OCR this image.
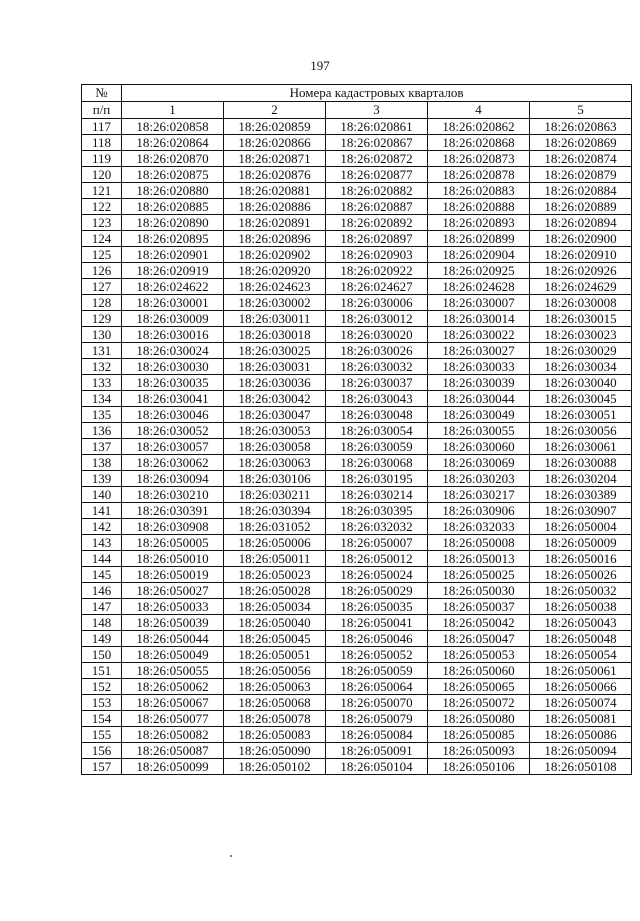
197
№	Номера кадастровых кварталов				
п/п	1	2	3	4	5
117	18:26:020858	18:26:020859	18:26:020861	18:26:020862	18:26:020863
118	18:26:020864	18:26:020866	18:26:020867	18:26:020868	18:26:020869
119	18:26:020870	18:26:020871	18:26:020872	18:26:020873	18:26:020874
120	18:26:020875	18:26:020876	18:26:020877	18:26:020878	18:26:020879
121	18:26:020880	18:26:020881	18:26:020882	18:26:020883	18:26:020884
122	18:26:020885	18:26:020886	18:26:020887	18:26:020888	18:26:020889
123	18:26:020890	18:26:020891	18:26:020892	18:26:020893	18:26:020894
124	18:26:020895	18:26:020896	18:26:020897	18:26:020899	18:26:020900
125	18:26:020901	18:26:020902	18:26:020903	18:26:020904	18:26:020910
126	18:26:020919	18:26:020920	18:26:020922	18:26:020925	18:26:020926
127	18:26:024622	18:26:024623	18:26:024627	18:26:024628	18:26:024629
128	18:26:030001	18:26:030002	18:26:030006	18:26:030007	18:26:030008
129	18:26:030009	18:26:030011	18:26:030012	18:26:030014	18:26:030015
130	18:26:030016	18:26:030018	18:26:030020	18:26:030022	18:26:030023
131	18:26:030024	18:26:030025	18:26:030026	18:26:030027	18:26:030029
132	18:26:030030	18:26:030031	18:26:030032	18:26:030033	18:26:030034
133	18:26:030035	18:26:030036	18:26:030037	18:26:030039	18:26:030040
134	18:26:030041	18:26:030042	18:26:030043	18:26:030044	18:26:030045
135	18:26:030046	18:26:030047	18:26:030048	18:26:030049	18:26:030051
136	18:26:030052	18:26:030053	18:26:030054	18:26:030055	18:26:030056
137	18:26:030057	18:26:030058	18:26:030059	18:26:030060	18:26:030061
138	18:26:030062	18:26:030063	18:26:030068	18:26:030069	18:26:030088
139	18:26:030094	18:26:030106	18:26:030195	18:26:030203	18:26:030204
140	18:26:030210	18:26:030211	18:26:030214	18:26:030217	18:26:030389
141	18:26:030391	18:26:030394	18:26:030395	18:26:030906	18:26:030907
142	18:26:030908	18:26:031052	18:26:032032	18:26:032033	18:26:050004
143	18:26:050005	18:26:050006	18:26:050007	18:26:050008	18:26:050009
144	18:26:050010	18:26:050011	18:26:050012	18:26:050013	18:26:050016
145	18:26:050019	18:26:050023	18:26:050024	18:26:050025	18:26:050026
146	18:26:050027	18:26:050028	18:26:050029	18:26:050030	18:26:050032
147	18:26:050033	18:26:050034	18:26:050035	18:26:050037	18:26:050038
148	18:26:050039	18:26:050040	18:26:050041	18:26:050042	18:26:050043
149	18:26:050044	18:26:050045	18:26:050046	18:26:050047	18:26:050048
150	18:26:050049	18:26:050051	18:26:050052	18:26:050053	18:26:050054
151	18:26:050055	18:26:050056	18:26:050059	18:26:050060	18:26:050061
152	18:26:050062	18:26:050063	18:26:050064	18:26:050065	18:26:050066
153	18:26:050067	18:26:050068	18:26:050070	18:26:050072	18:26:050074
154	18:26:050077	18:26:050078	18:26:050079	18:26:050080	18:26:050081
155	18:26:050082	18:26:050083	18:26:050084	18:26:050085	18:26:050086
156	18:26:050087	18:26:050090	18:26:050091	18:26:050093	18:26:050094
157	18:26:050099	18:26:050102	18:26:050104	18:26:050106	18:26:050108
